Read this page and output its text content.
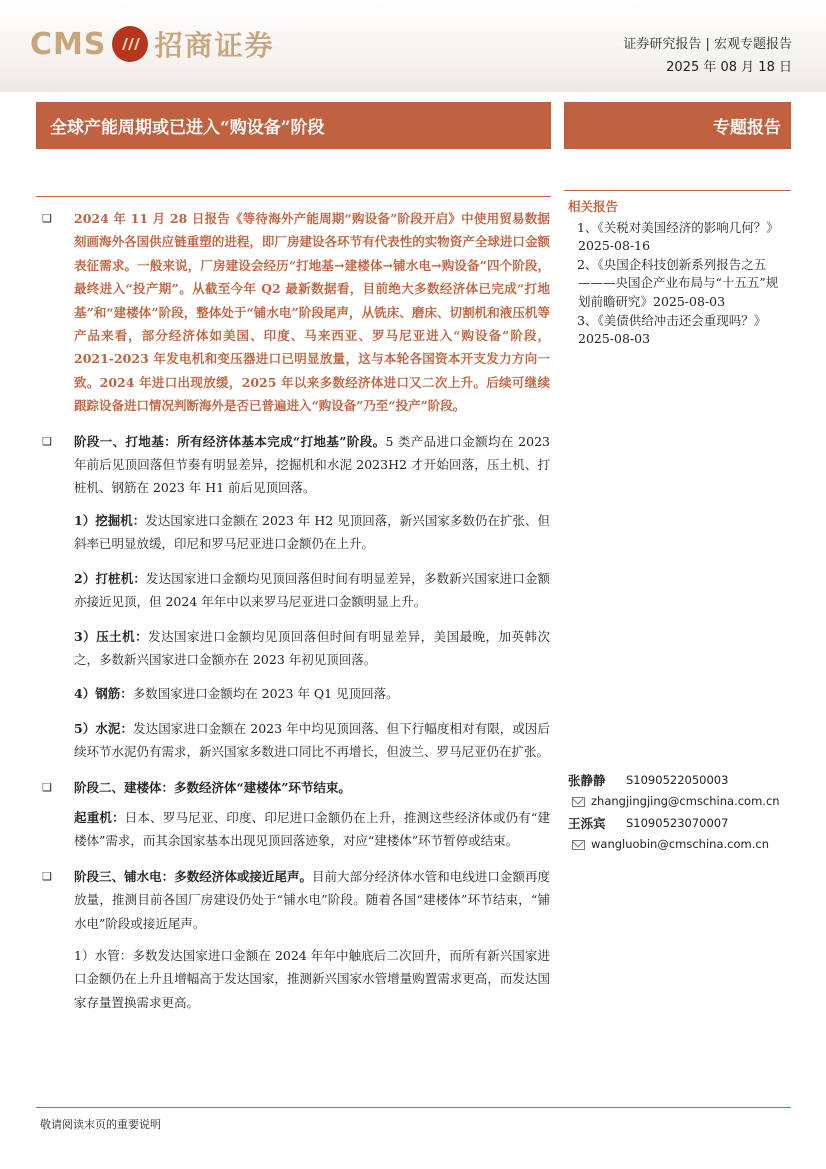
CMS 招商证券	证券研究报告 | 宏观专题报告
2025 年 08 月 18 日
全球产能周期或已进入“购设备”阶段	专题报告
❑ 2024 年 11 月 28 日报告《等待海外产能周期“购设备”阶段开启》中使用贸易数据刻画海外各国供应链重塑的进程，即厂房建设各环节有代表性的实物资产全球进口金额表征需求。一般来说，厂房建设会经历“打地基→建楼体→铺水电→购设备”四个阶段，最终进入“投产期”。从截至今年 Q2 最新数据看，目前绝大多数经济体已完成“打地基”和“建楼体”阶段，整体处于“铺水电”阶段尾声，从铣床、磨床、切割机和液压机等产品来看，部分经济体如美国、印度、马来西亚、罗马尼亚进入“购设备”阶段，2021-2023 年发电机和变压器进口已明显放量，这与本轮各国资本开支发力方向一致。2024 年进口出现放缓，2025 年以来多数经济体进口又二次上升。后续可继续跟踪设备进口情况判断海外是否已普遍进入“购设备”乃至“投产”阶段。
❑ 阶段一、打地基：所有经济体基本完成“打地基”阶段。5 类产品进口金额均在 2023 年前后见顶回落但节奏有明显差异，挖掘机和水泥 2023H2 才开始回落，压土机、打桩机、钢筋在 2023 年 H1 前后见顶回落。
1）挖掘机：发达国家进口金额在 2023 年 H2 见顶回落，新兴国家多数仍在扩张、但斜率已明显放缓，印尼和罗马尼亚进口金额仍在上升。
2）打桩机：发达国家进口金额均见顶回落但时间有明显差异，多数新兴国家进口金额亦接近见顶，但 2024 年年中以来罗马尼亚进口金额明显上升。
3）压土机：发达国家进口金额均见顶回落但时间有明显差异，美国最晚，加英韩次之，多数新兴国家进口金额亦在 2023 年初见顶回落。
4）钢筋：多数国家进口金额均在 2023 年 Q1 见顶回落。
5）水泥：发达国家进口金额在 2023 年中均见顶回落、但下行幅度相对有限，或因后续环节水泥仍有需求，新兴国家多数进口同比不再增长，但波兰、罗马尼亚仍在扩张。
❑ 阶段二、建楼体：多数经济体“建楼体”环节结束。
起重机：日本、罗马尼亚、印度、印尼进口金额仍在上升，推测这些经济体或仍有“建楼体”需求，而其余国家基本出现见顶回落迹象，对应“建楼体”环节暂停或结束。
❑ 阶段三、铺水电：多数经济体或接近尾声。目前大部分经济体水管和电线进口金额再度放量，推测目前各国厂房建设仍处于“铺水电”阶段。随着各国“建楼体”环节结束，“铺水电”阶段或接近尾声。
1）水管：多数发达国家进口金额在 2024 年年中触底后二次回升，而所有新兴国家进口金额仍在上升且增幅高于发达国家，推测新兴国家水管增量购置需求更高，而发达国家存量置换需求更高。
相关报告
1、《关税对美国经济的影响几何？》2025-08-16
2、《央国企科技创新系列报告之五———央国企产业布局与“十五五”规划前瞻研究》2025-08-03
3、《美债供给冲击还会重现吗？》2025-08-03
张静静	S1090522050003
zhangjingjing@cmschina.com.cn
王泺宾	S1090523070007
wangluobin@cmschina.com.cn
敬请阅读末页的重要说明
